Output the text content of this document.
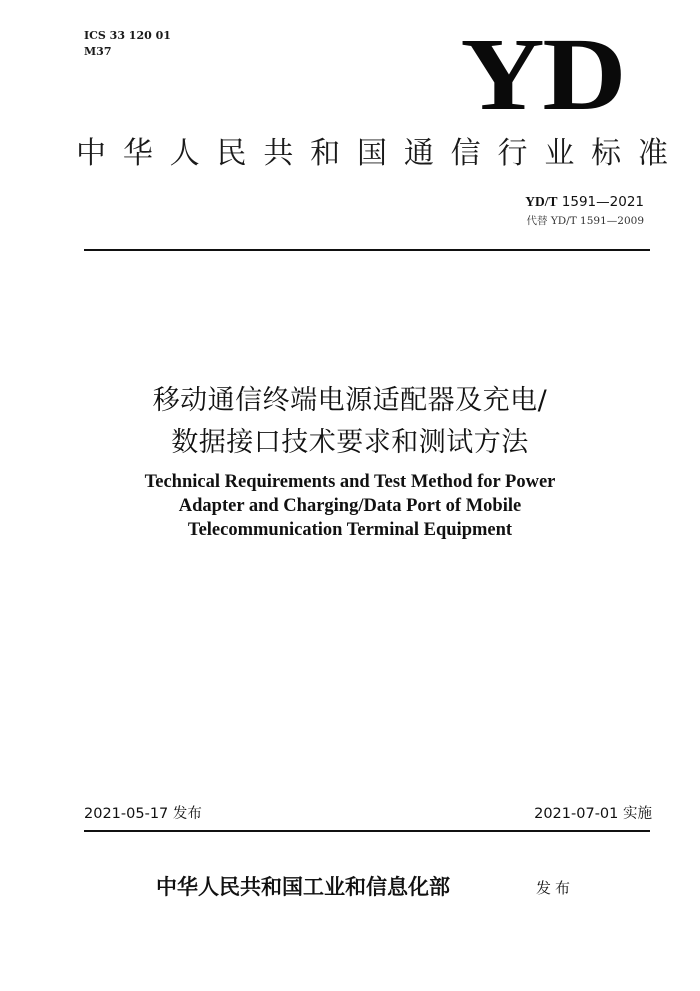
ICS 33 120 01
M37	YD
中华人民共和国通信行业标准
YD/T 1591—2021
代替 YD/T 1591—2009
移动通信终端电源适配器及充电/
数据接口技术要求和测试方法
Technical Requirements and Test Method for Power
Adapter and Charging/Data Port of Mobile
Telecommunication Terminal Equipment
2021-05-17 发布	2021-07-01 实施
中华人民共和国工业和信息化部	发布
